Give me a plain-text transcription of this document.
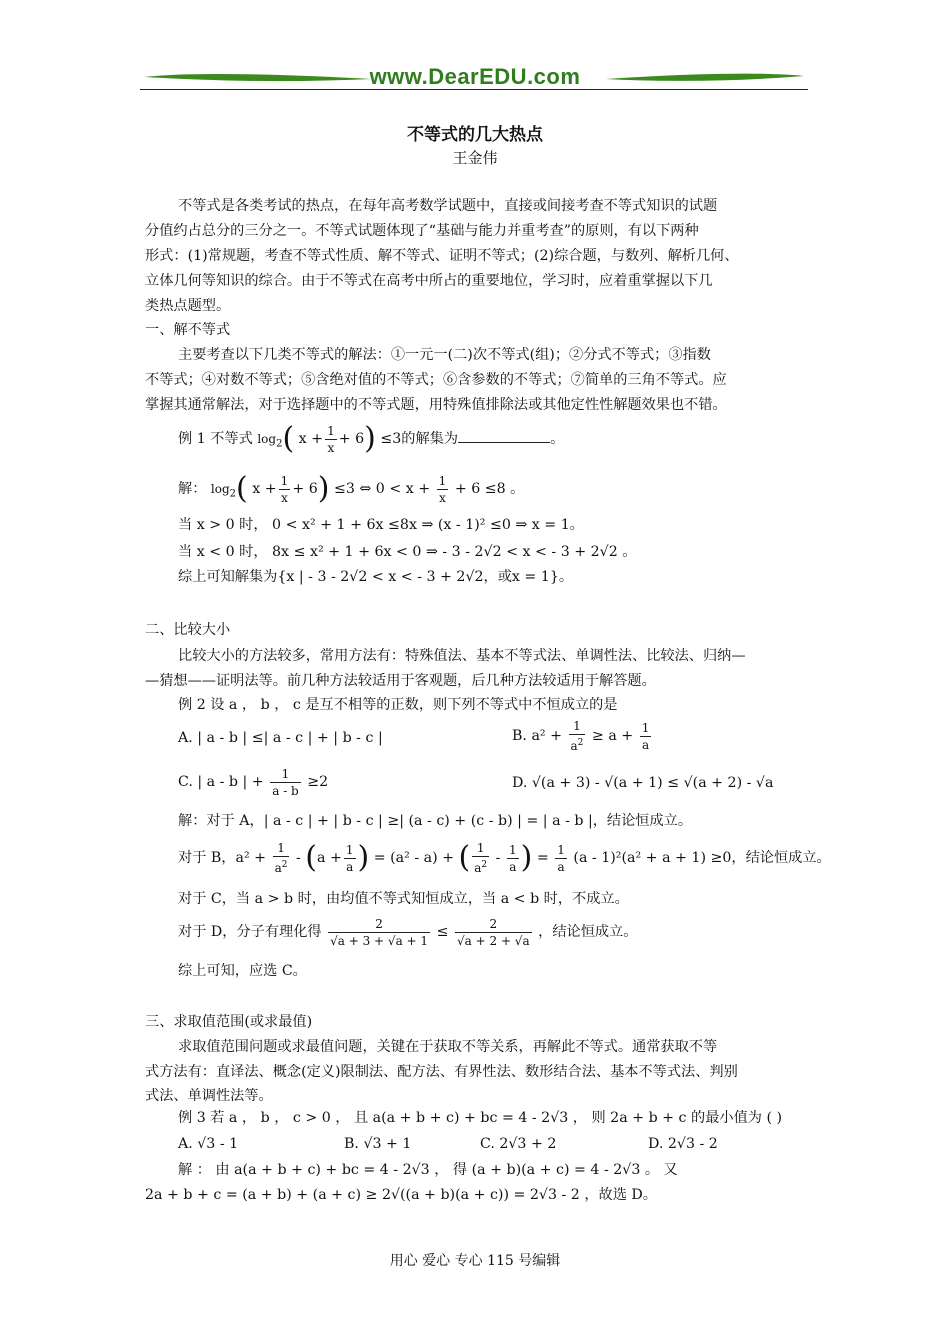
www.DearEDU.com
不等式的几大热点
王金伟
不等式是各类考试的热点，在每年高考数学试题中，直接或间接考查不等式知识的试题
分值约占总分的三分之一。不等式试题体现了“基础与能力并重考查”的原则，有以下两种
形式：(1)常规题，考查不等式性质、解不等式、证明不等式；(2)综合题，与数列、解析几何、
立体几何等知识的综合。由于不等式在高考中所占的重要地位，学习时，应着重掌握以下几
类热点题型。
一、解不等式
主要考查以下几类不等式的解法：①一元一(二)次不等式(组)；②分式不等式；③指数
不等式；④对数不等式；⑤含绝对值的不等式；⑥含参数的不等式；⑦简单的三角不等式。应
掌握其通常解法，对于选择题中的不等式题，用特殊值排除法或其他定性性解题效果也不错。
例 1 不等式 $\log_2$( $x + \frac{1}{x} + 6) \le 3$的解集为	。
解： $\log_2$( $x + \frac{1}{x} + 6) \le 3$ ⇔ $0 < x + \frac{1}{x} + 6 \le 8$ 。
当 x > 0 时， 0 < x² + 1 + 6x ≤8x ⇒ (x - 1)² ≤0 ⇒ x = 1。
当 x < 0 时， 8x ≤ x² + 1 + 6x < 0 ⇒ - 3 - 2√2 < x < - 3 + 2√2 。
综上可知解集为{x | - 3 - 2√2 < x < - 3 + 2√2，或x = 1}。
二、比较大小
比较大小的方法较多，常用方法有：特殊值法、基本不等式法、单调性法、比较法、归纳—
—猜想——证明法等。前几种方法较适用于客观题，后几种方法较适用于解答题。
例 2 设 a ， b ， c 是互不相等的正数，则下列不等式中不恒成立的是
A. | a - b | ≤| a - c | + | b - c |	B. $a^2 + \frac{1}{a^2} \ge a + \frac{1}{a}$
C. | a - b | + $\frac{1}{a - b} \ge 2$	D. √(a + 3) - √(a + 1) ≤ √(a + 2) - √a
解：对于 A，| a - c | + | b - c | ≥| (a - c) + (c - b) | = | a - b |，结论恒成立。
对于 B，$a^2 + \frac{1}{a^2} - (a + \frac{1}{a}$ ) = (a² - a) + ( $\frac{1}{a^2} - \frac{1}{a}$ ) = $\frac{1}{a} (a - 1)^2(a^2 + a + 1) \ge 0$，结论恒成立。
对于 C，当 a > b 时，由均值不等式知恒成立，当 a < b 时，不成立。
对于 D，分子有理化得 $\frac{2}{√a + 3 + √a + 1} \le \frac{2}{√a + 2 + √a}$ ，结论恒成立。
综上可知，应选 C。
三、求取值范围(或求最值)
求取值范围问题或求最值问题，关键在于获取不等关系，再解此不等式。通常获取不等
式方法有：直译法、概念(定义)限制法、配方法、有界性法、数形结合法、基本不等式法、判别
式法、单调性法等。
例 3 若 a ， b ， c > 0 ， 且 a(a + b + c) + bc = 4 - 2√3 ， 则 2a + b + c 的最小值为 ( )
A. √3 - 1	B. √3 + 1	C. 2√3 + 2	D. 2√3 - 2
解 ： 由 a(a + b + c) + bc = 4 - 2√3 ， 得 (a + b)(a + c) = 4 - 2√3 。 又
2a + b + c = (a + b) + (a + c) ≥ 2√((a + b)(a + c)) = 2√3 - 2 ，故选 D。
用心 爱心 专心 115 号编辑
